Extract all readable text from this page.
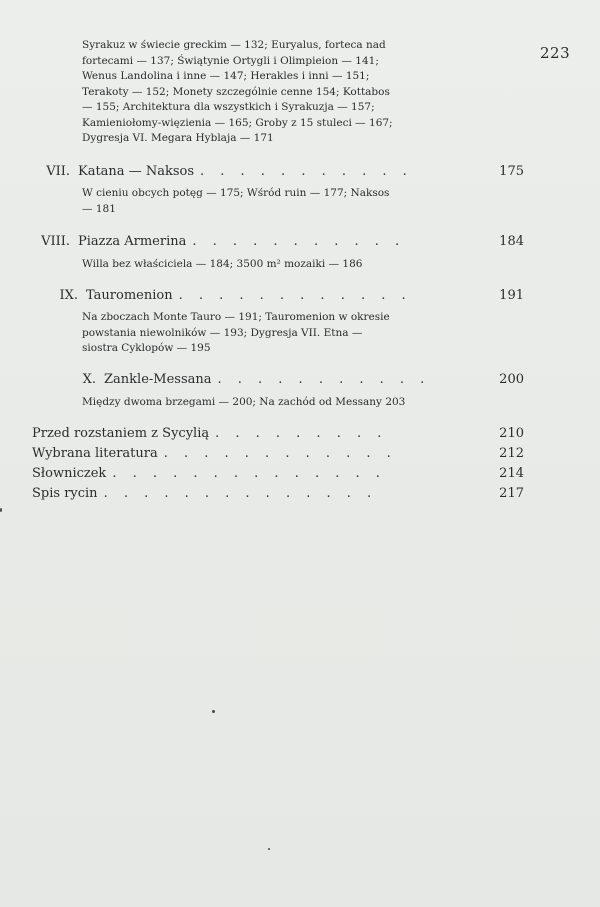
223
Syrakuz w świecie greckim — 132; Euryalus, forteca nad
fortecami — 137; Świątynie Ortygli i Olimpieion — 141;
Wenus Landolina i inne — 147; Herakles i inni — 151;
Terakoty — 152; Monety szczególnie cenne 154; Kottabos
— 155; Architektura dla wszystkich i Syrakuzja — 157;
Kamieniołomy-więzienia — 165; Groby z 15 stuleci — 167;
Dygresja VI. Megara Hyblaja — 171
VII. Katana — Naksos . . . . . . . . . . .	175
W cieniu obcych potęg — 175; Wśród ruin — 177; Naksos
— 181
VIII. Piazza Armerina . . . . . . . . . . .	184
Willa bez właściciela — 184; 3500 m² mozaiki — 186
IX. Tauromenion . . . . . . . . . . . .	191
Na zboczach Monte Tauro — 191; Tauromenion w okresie
powstania niewolników — 193; Dygresja VII. Etna —
siostra Cyklopów — 195
X. Zankle-Messana . . . . . . . . . . .	200
Między dwoma brzegami — 200; Na zachód od Messany 203
Przed rozstaniem z Sycylią . . . . . . . . .	210
Wybrana literatura . . . . . . . . . . . .	212
Słowniczek . . . . . . . . . . . . . .	214
Spis rycin . . . . . . . . . . . . . .	217
